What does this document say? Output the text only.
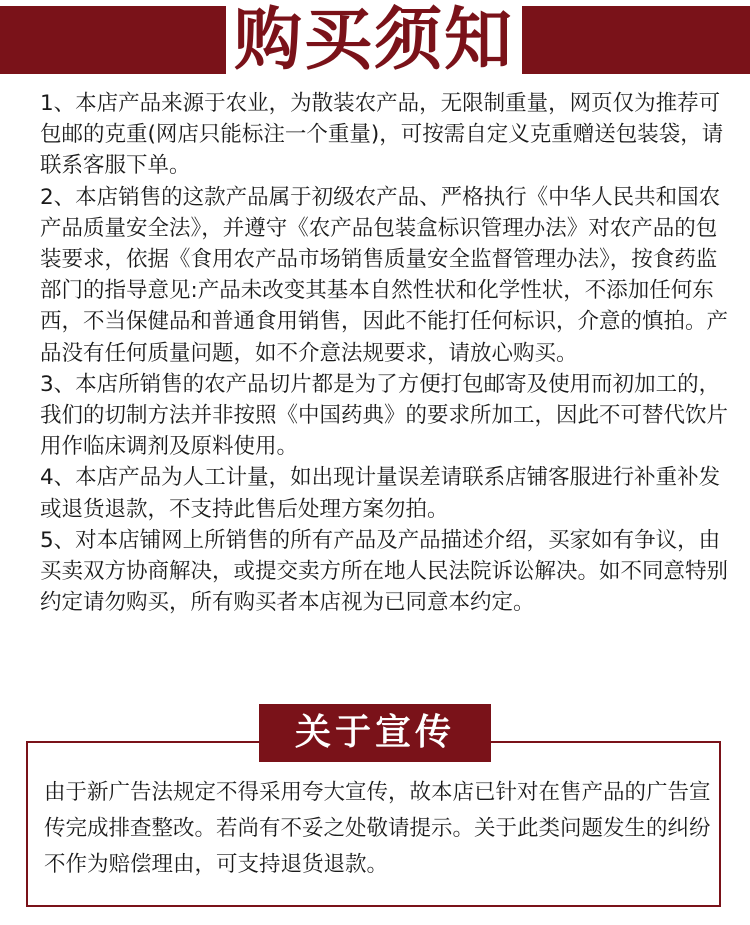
购买须知

1、本店产品来源于农业，为散装农产品，无限制重量，网页仅为推荐可包邮的克重(网店只能标注一个重量)，可按需自定义克重赠送包装袋，请联系客服下单。

2、本店销售的这款产品属于初级农产品、严格执行《中华人民共和国农产品质量安全法》，并遵守《农产品包装盒标识管理办法》对农产品的包装要求，依据《食用农产品市场销售质量安全监督管理办法》，按食药监部门的指导意见:产品未改变其基本自然性状和化学性状，不添加任何东西，不当保健品和普通食用销售，因此不能打任何标识，介意的慎拍。产品没有任何质量问题，如不介意法规要求，请放心购买。

3、本店所销售的农产品切片都是为了方便打包邮寄及使用而初加工的，我们的切制方法并非按照《中国药典》的要求所加工，因此不可替代饮片用作临床调剂及原料使用。

4、本店产品为人工计量，如出现计量误差请联系店铺客服进行补重补发或退货退款，不支持此售后处理方案勿拍。

5、对本店铺网上所销售的所有产品及产品描述介绍，买家如有争议，由买卖双方协商解决，或提交卖方所在地人民法院诉讼解决。如不同意特别约定请勿购买，所有购买者本店视为已同意本约定。

关于宣传
由于新广告法规定不得采用夸大宣传，故本店已针对在售产品的广告宣传完成排查整改。若尚有不妥之处敬请提示。关于此类问题发生的纠纷不作为赔偿理由，可支持退货退款。
